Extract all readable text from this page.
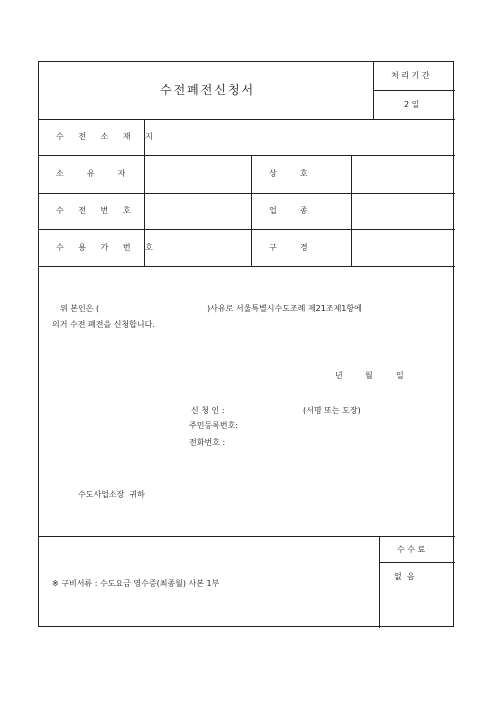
수전폐전신청서
처 리 기 간
2 일
수 전 소 재 지
소  유  자	상  호
수 전 번 호	업  종
수 용 가 번 호	구  경
위 본인은 (	)사유로 서울특별시수도조례 제21조제1항에
의거 수전 폐전을 신청합니다.
년	월	일
신 청 인 :	(서명 또는 도장)
주민등록번호:
전화번호 :
수도사업소장  귀하
수 수 료
없  음
※ 구비서류 : 수도요금 영수증(최종월) 사본 1부
